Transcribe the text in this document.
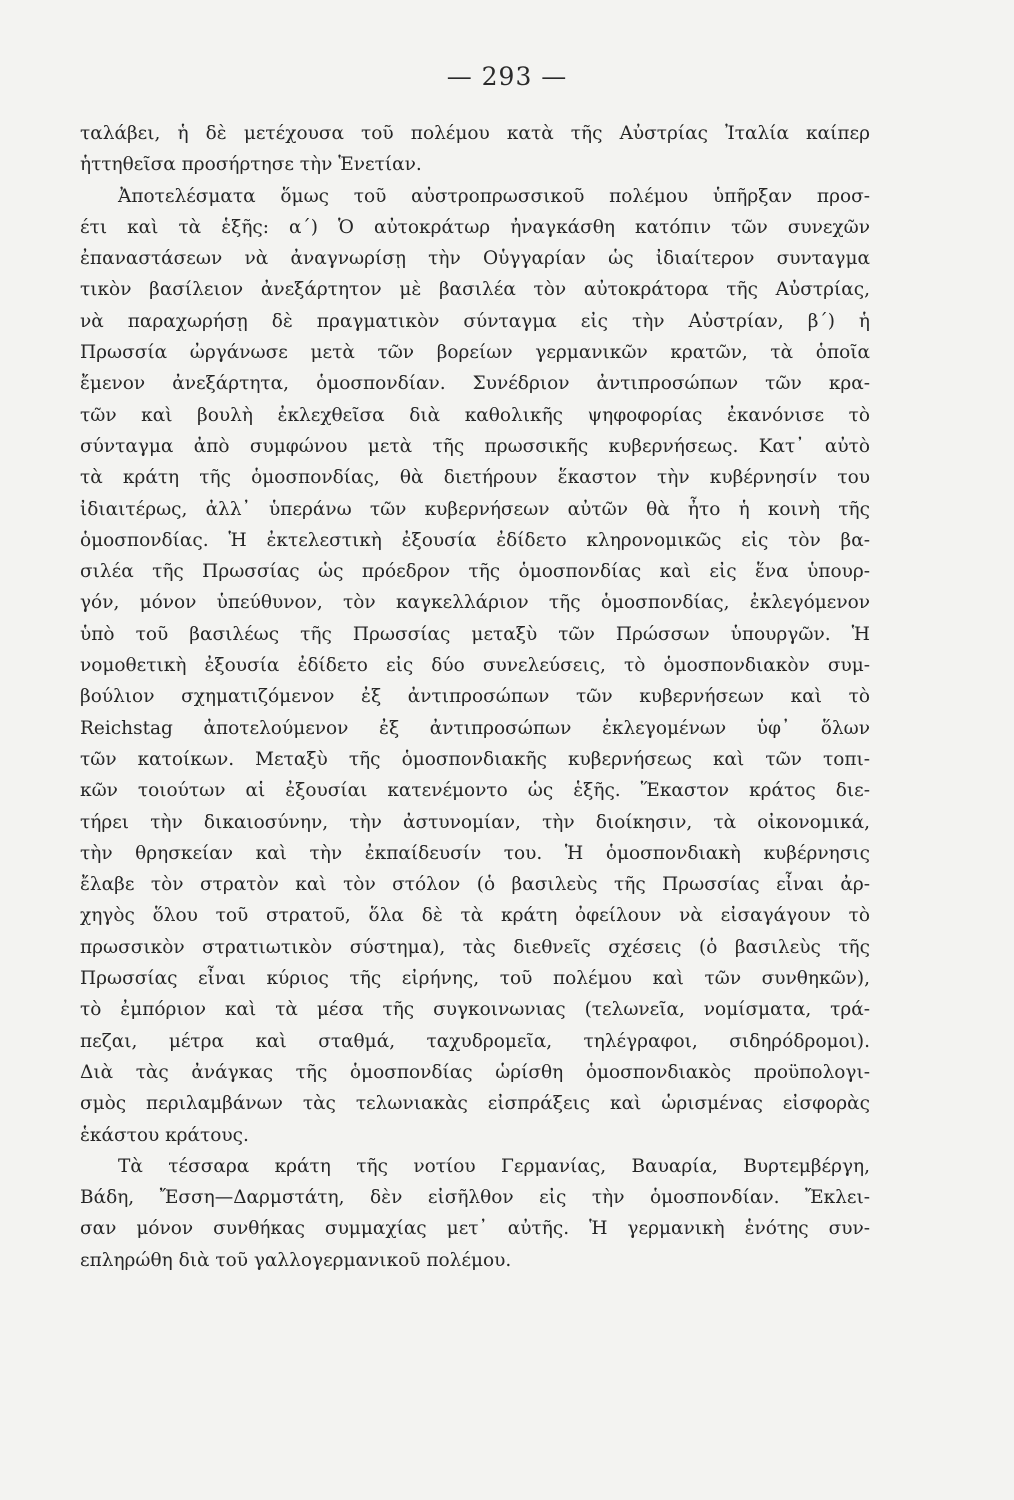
— 293 —
ταλάβει, ἡ δὲ μετέχουσα τοῦ πολέμου κατὰ τῆς Αὐστρίας Ἰταλία καίπερ
ἡττηθεῖσα προσήρτησε τὴν Ἑνετίαν.
Ἀποτελέσματα ὅμως τοῦ αὐστροπρωσσικοῦ πολέμου ὑπῆρξαν προσ-
έτι καὶ τὰ ἑξῆς: α΄) Ὁ αὐτοκράτωρ ἠναγκάσθη κατόπιν τῶν συνεχῶν
ἐπαναστάσεων νὰ ἀναγνωρίσῃ τὴν Οὑγγαρίαν ὡς ἰδιαίτερον συνταγμα
τικὸν βασίλειον ἀνεξάρτητον μὲ βασιλέα τὸν αὐτοκράτορα τῆς Αὐστρίας,
νὰ παραχωρήσῃ δὲ πραγματικὸν σύνταγμα εἰς τὴν Αὐστρίαν, β΄) ἡ
Πρωσσία ὠργάνωσε μετὰ τῶν βορείων γερμανικῶν κρατῶν, τὰ ὁποῖα
ἔμενον ἀνεξάρτητα, ὁμοσπονδίαν. Συνέδριον ἀντιπροσώπων τῶν κρα-
τῶν καὶ βουλὴ ἐκλεχθεῖσα διὰ καθολικῆς ψηφοφορίας ἐκανόνισε τὸ
σύνταγμα ἀπὸ συμφώνου μετὰ τῆς πρωσσικῆς κυβερνήσεως. Κατ᾽ αὐτὸ
τὰ κράτη τῆς ὁμοσπονδίας, θὰ διετήρουν ἕκαστον τὴν κυβέρνησίν του
ἰδιαιτέρως, ἀλλ᾽ ὑπεράνω τῶν κυβερνήσεων αὐτῶν θὰ ἦτο ἡ κοινὴ τῆς
ὁμοσπονδίας. Ἡ ἐκτελεστικὴ ἐξουσία ἐδίδετο κληρονομικῶς εἰς τὸν βα-
σιλέα τῆς Πρωσσίας ὡς πρόεδρον τῆς ὁμοσπονδίας καὶ εἰς ἕνα ὑπουρ-
γόν, μόνον ὑπεύθυνον, τὸν καγκελλάριον τῆς ὁμοσπονδίας, ἐκλεγόμενον
ὑπὸ τοῦ βασιλέως τῆς Πρωσσίας μεταξὺ τῶν Πρώσσων ὑπουργῶν. Ἡ
νομοθετικὴ ἐξουσία ἐδίδετο εἰς δύο συνελεύσεις, τὸ ὁμοσπονδιακὸν συμ-
βούλιον σχηματιζόμενον ἐξ ἀντιπροσώπων τῶν κυβερνήσεων καὶ τὸ
Reichstag ἀποτελούμενον ἐξ ἀντιπροσώπων ἐκλεγομένων ὑφ᾽ ὅλων
τῶν κατοίκων. Μεταξὺ τῆς ὁμοσπονδιακῆς κυβερνήσεως καὶ τῶν τοπι-
κῶν τοιούτων αἱ ἐξουσίαι κατενέμοντο ὡς ἑξῆς. Ἕκαστον κράτος διε-
τήρει τὴν δικαιοσύνην, τὴν ἀστυνομίαν, τὴν διοίκησιν, τὰ οἰκονομικά,
τὴν θρησκείαν καὶ τὴν ἐκπαίδευσίν του. Ἡ ὁμοσπονδιακὴ κυβέρνησις
ἔλαβε τὸν στρατὸν καὶ τὸν στόλον (ὁ βασιλεὺς τῆς Πρωσσίας εἶναι ἀρ-
χηγὸς ὅλου τοῦ στρατοῦ, ὅλα δὲ τὰ κράτη ὀφείλουν νὰ εἰσαγάγουν τὸ
πρωσσικὸν στρατιωτικὸν σύστημα), τὰς διεθνεῖς σχέσεις (ὁ βασιλεὺς τῆς
Πρωσσίας εἶναι κύριος τῆς εἰρήνης, τοῦ πολέμου καὶ τῶν συνθηκῶν),
τὸ ἐμπόριον καὶ τὰ μέσα τῆς συγκοινωνιας (τελωνεῖα, νομίσματα, τρά-
πεζαι, μέτρα καὶ σταθμά, ταχυδρομεῖα, τηλέγραφοι, σιδηρόδρομοι).
Διὰ τὰς ἀνάγκας τῆς ὁμοσπονδίας ὡρίσθη ὁμοσπονδιακὸς προϋπολογι-
σμὸς περιλαμβάνων τὰς τελωνιακὰς εἰσπράξεις καὶ ὡρισμένας εἰσφορὰς
ἑκάστου κράτους.
Τὰ τέσσαρα κράτη τῆς νοτίου Γερμανίας, Βαυαρία, Βυρτεμβέργη,
Βάδη, Ἔσση—Δαρμστάτη, δὲν εἰσῆλθον εἰς τὴν ὁμοσπονδίαν. Ἔκλει-
σαν μόνον συνθήκας συμμαχίας μετ᾽ αὐτῆς. Ἡ γερμανικὴ ἑνότης συν-
επληρώθη διὰ τοῦ γαλλογερμανικοῦ πολέμου.
